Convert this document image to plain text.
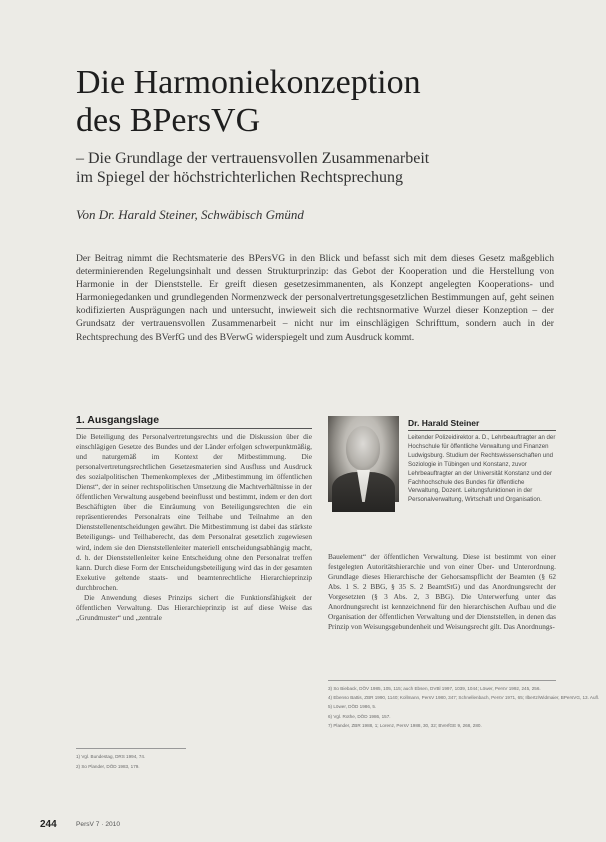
Die Harmoniekonzeption
des BPersVG
– Die Grundlage der vertrauensvollen Zusammenarbeit
im Spiegel der höchstrichterlichen Rechtsprechung
Von Dr. Harald Steiner, Schwäbisch Gmünd
Der Beitrag nimmt die Rechtsmaterie des BPersVG in den Blick und befasst sich mit dem dieses Gesetz maßgeblich determinierenden Regelungsinhalt und dessen Strukturprinzip: das Gebot der Kooperation und die Herstellung von Harmonie in der Dienststelle. Er greift diesen gesetzesimmanenten, als Konzept angelegten Kooperations- und Harmoniegedanken und grundlegenden Normenzweck der personalvertretungsgesetzlichen Bestimmungen auf, geht seinen kodifizierten Ausprägungen nach und untersucht, inwieweit sich die rechtsnormative Wurzel dieser Konzeption – der Grundsatz der vertrauensvollen Zusammenarbeit – nicht nur im einschlägigen Schrifttum, sondern auch in der Rechtsprechung des BVerfG und des BVerwG widerspiegelt und zum Ausdruck kommt.
1. Ausgangslage

Die Beteiligung des Personalvertretungsrechts und die Diskussion über die einschlägigen Gesetze des Bundes und der Länder erfolgen schwerpunktmäßig, und naturgemäß im Kontext der Mitbestimmung. Die personalvertretungsrechtlichen Gesetzesmaterien sind Ausfluss und Ausdruck des sozialpolitischen Themenkomplexes der „Mitbestimmung im öffentlichen Dienst“, der in seiner rechtspolitischen Umsetzung die Machtverhältnisse in der öffentlichen Verwaltung ausgebend beeinflusst und bestimmt, indem er den dort Beschäftigten über die Einräumung von Beteiligungsrechten die ein repräsentierendes Personalrats eine Teilhabe und Teilnahme an den Dienststellenentscheidungen gewährt. Die Mitbestimmung ist dabei das stärkste Beteiligungs- und Teilhaberecht, das dem Personalrat gesetzlich zugewiesen wird, indem sie den Dienststellenleiter materiell entscheidungsabhängig macht, d. h. der Dienststellenleiter keine Entscheidung ohne den Personalrat treffen kann. Durch diese Form der Entscheidungsbeteiligung wird das in der gesamten Exekutive geltende staats- und beamtenrechtliche Hierarchieprinzip durchbrochen.

Die Anwendung dieses Prinzips sichert die Funktionsfähigkeit der öffentlichen Verwaltung. Das Hierarchieprinzip ist auf diese Weise das „Grundmuster“ und „zentrale

Dr. Harald Steiner
Leitender Polizeidirektor a. D., Lehrbeauftragter an der Hochschule für öffentliche Verwaltung und Finanzen Ludwigsburg. Studium der Rechtswissenschaften und Soziologie in Tübingen und Konstanz, zuvor Lehrbeauftragter an der Universität Konstanz und der Fachhochschule des Bundes für öffentliche Verwaltung, Dozent. Leitungsfunktionen in der Personalverwaltung, Wirtschaft und Organisation.
Bauelement“ der öffentlichen Verwaltung. Diese ist bestimmt von einer festgelegten Autoritätshierarchie und von einer Über- und Unterordnung. Grundlage dieses Hierarchische der Gehorsamspflicht der Beamten (§ 62 Abs. 1 S. 2 BBG, § 35 S. 2 BeamtStG) und das Anordnungsrecht der Vorgesetzten (§ 3 Abs. 2, 3 BBG). Die Unterwerfung unter das Anordnungsrecht ist kennzeichnend für den hierarchischen Aufbau und die Organisation der öffentlichen Verwaltung und der Dienststellen, in denen das Prinzip von Weisungsgebundenheit und Weisungsrecht gilt. Das Anordnungs-
3) So Bieback, DÖV 1985, 105, 115; auch Ebsen, DVBl 1997, 1039, 1044; Löwer, PersV 1992, 245, 256.
4) Ebenso Battis, ZBR 1990, 1140; Kollmann, PersV 1980, 347; Schnellenbach, PersV 1971, 65; Ilbertz/Widmaier, BPersVG, 13. Aufl.
5) Löwer, DÖD 1986, 5.
6) Vgl. Rothe, DÖD 1986, 157.
7) Plander, ZBR 1988, 1; Lorenz, PersV 1988, 30, 32; BVerfGE 9, 268, 280.
1) Vgl. Bundestag, DRS 1994, 74.
2) So Plander, DÖD 1983, 179.
244	PersV 7 · 2010
